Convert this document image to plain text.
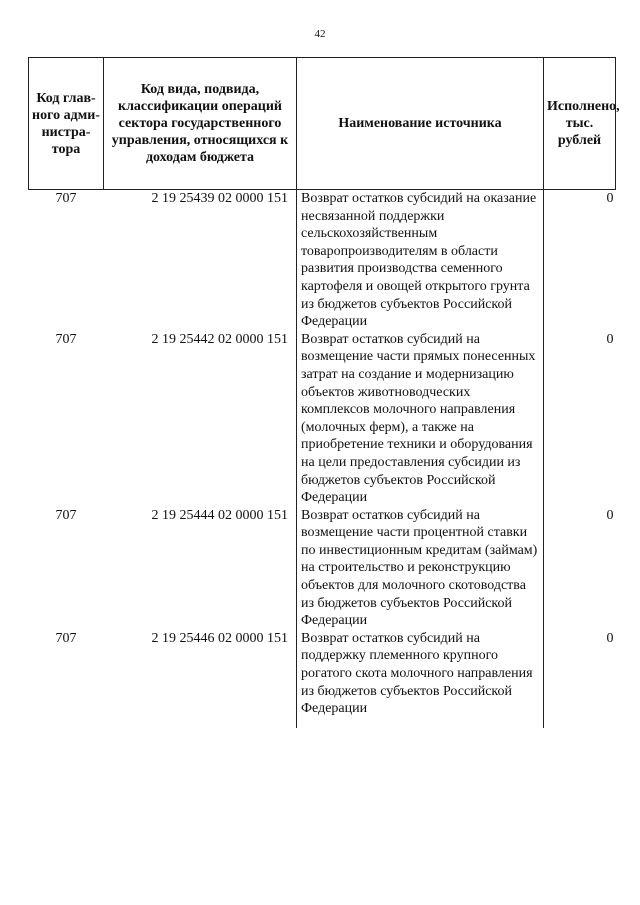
42
Код глав-ного адми-нистра-тора	Код вида, подвида, классификации операций сектора государственного управления, относящихся к доходам бюджета	Наименование источника	Исполнено, тыс. рублей
707	2 19 25439 02 0000 151	Возврат остатков субсидий на оказание несвязанной поддержки сельскохозяйственным товаропроизводителям в области развития производства семенного картофеля и овощей открытого грунта из бюджетов субъектов Российской Федерации	0
707	2 19 25442 02 0000 151	Возврат остатков субсидий на возмещение части прямых понесенных затрат на создание и модернизацию объектов животноводческих комплексов молочного направления (молочных ферм), а также на приобретение техники и оборудования на цели предоставления субсидии из бюджетов субъектов Российской Федерации	0
707	2 19 25444 02 0000 151	Возврат остатков субсидий на возмещение части процентной ставки по инвестиционным кредитам (займам) на строительство и реконструкцию объектов для молочного скотоводства из бюджетов субъектов Российской Федерации	0
707	2 19 25446 02 0000 151	Возврат остатков субсидий на поддержку племенного крупного рогатого скота молочного направления из бюджетов субъектов Российской Федерации	0
